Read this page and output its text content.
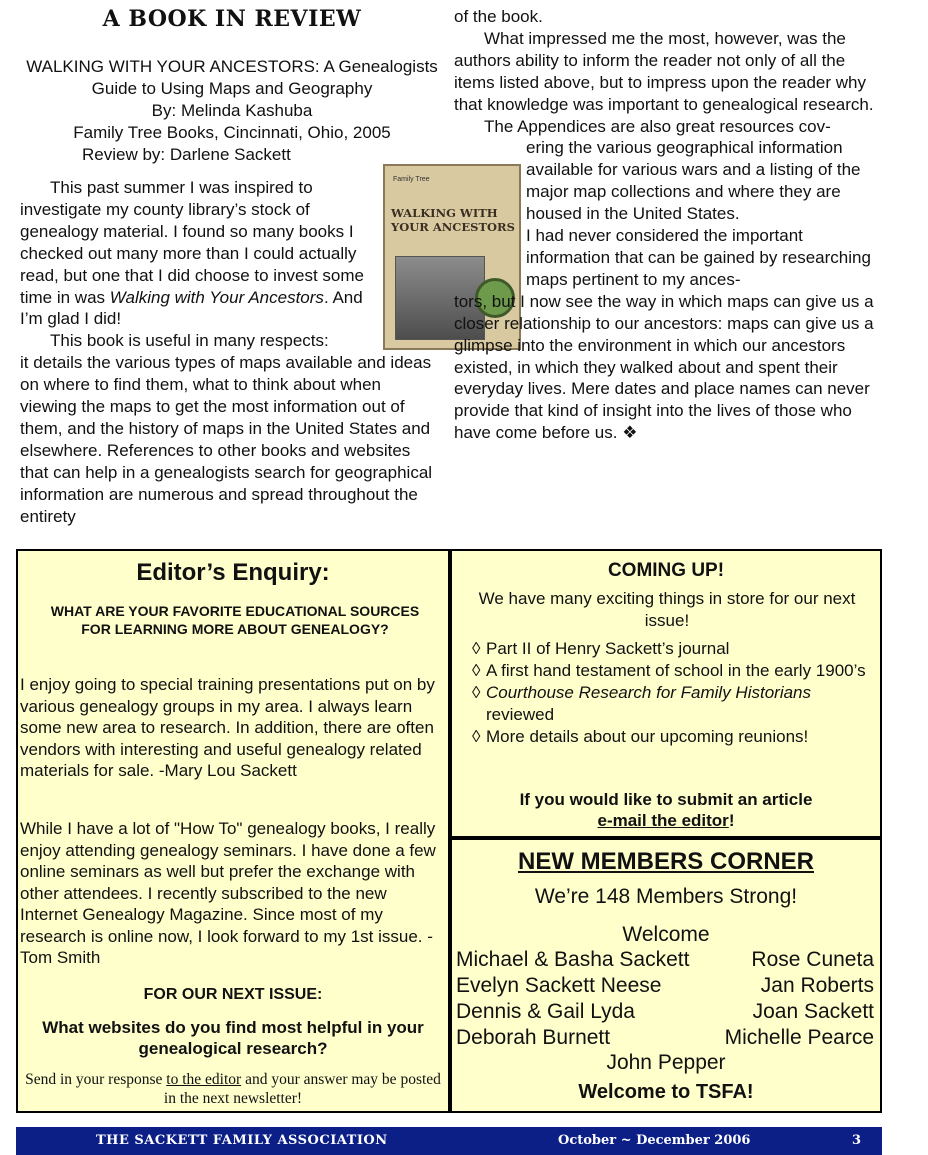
A BOOK IN REVIEW
WALKING WITH YOUR ANCESTORS: A Genealogists Guide to Using Maps and Geography
By: Melinda Kashuba
Family Tree Books, Cincinnati, Ohio, 2005
Review by: Darlene Sackett
Family Tree
WALKING WITH YOUR ANCESTORS

This past summer I was inspired to investigate my county library’s stock of genealogy material. I found so many books I checked out many more than I could actually read, but one that I did choose to invest some time in was Walking with Your Ancestors. And I’m glad I did!

This book is useful in many respects:

it details the various types of maps available and ideas on where to find them, what to think about when viewing the maps to get the most information out of them, and the history of maps in the United States and elsewhere. References to other books and websites that can help in a genealogists search for geographical information are numerous and spread throughout the entirety

of the book.

What impressed me the most, however, was the authors ability to inform the reader not only of all the items listed above, but to impress upon the reader why that knowledge was important to genealogical research.

The Appendices are also great resources cov-

ering the various geographical information available for various wars and a listing of the major map collections and where they are housed in the United States.

I had never considered the important information that can be gained by researching maps pertinent to my ances-

tors, but I now see the way in which maps can give us a closer relationship to our ancestors: maps can give us a glimpse into the environment in which our ancestors existed, in which they walked about and spent their everyday lives. Mere dates and place names can never provide that kind of insight into the lives of those who have come before us. ❖

Editor’s Enquiry:
WHAT ARE YOUR FAVORITE EDUCATIONAL SOURCES FOR LEARNING MORE ABOUT GENEALOGY?
I enjoy going to special training presentations put on by various genealogy groups in my area. I always learn some new area to research. In addition, there are often vendors with interesting and useful genealogy related materials for sale. -Mary Lou Sackett
While I have a lot of "How To" genealogy books, I really enjoy attending genealogy seminars. I have done a few online seminars as well but prefer the exchange with other attendees. I recently subscribed to the new Internet Genealogy Magazine. Since most of my research is online now, I look forward to my 1st issue. -Tom Smith
FOR OUR NEXT ISSUE:
What websites do you find most helpful in your genealogical research?
Send in your response to the editor and your answer may be posted in the next newsletter!
COMING UP!
We have many exciting things in store for our next issue!
◊ Part II of Henry Sackett’s journal
◊ A first hand testament of school in the early 1900’s
◊ Courthouse Research for Family Historians
reviewed
◊ More details about our upcoming reunions!
If you would like to submit an article
e-mail the editor!
NEW MEMBERS CORNER
We’re 148 Members Strong!
Welcome
Michael & Basha Sackett	Rose Cuneta
Evelyn Sackett Neese	Jan Roberts
Dennis & Gail Lyda	Joan Sackett
Deborah Burnett	Michelle Pearce
John Pepper
Welcome to TSFA!
THE SACKETT FAMILY ASSOCIATION	October ~ December 2006	3
